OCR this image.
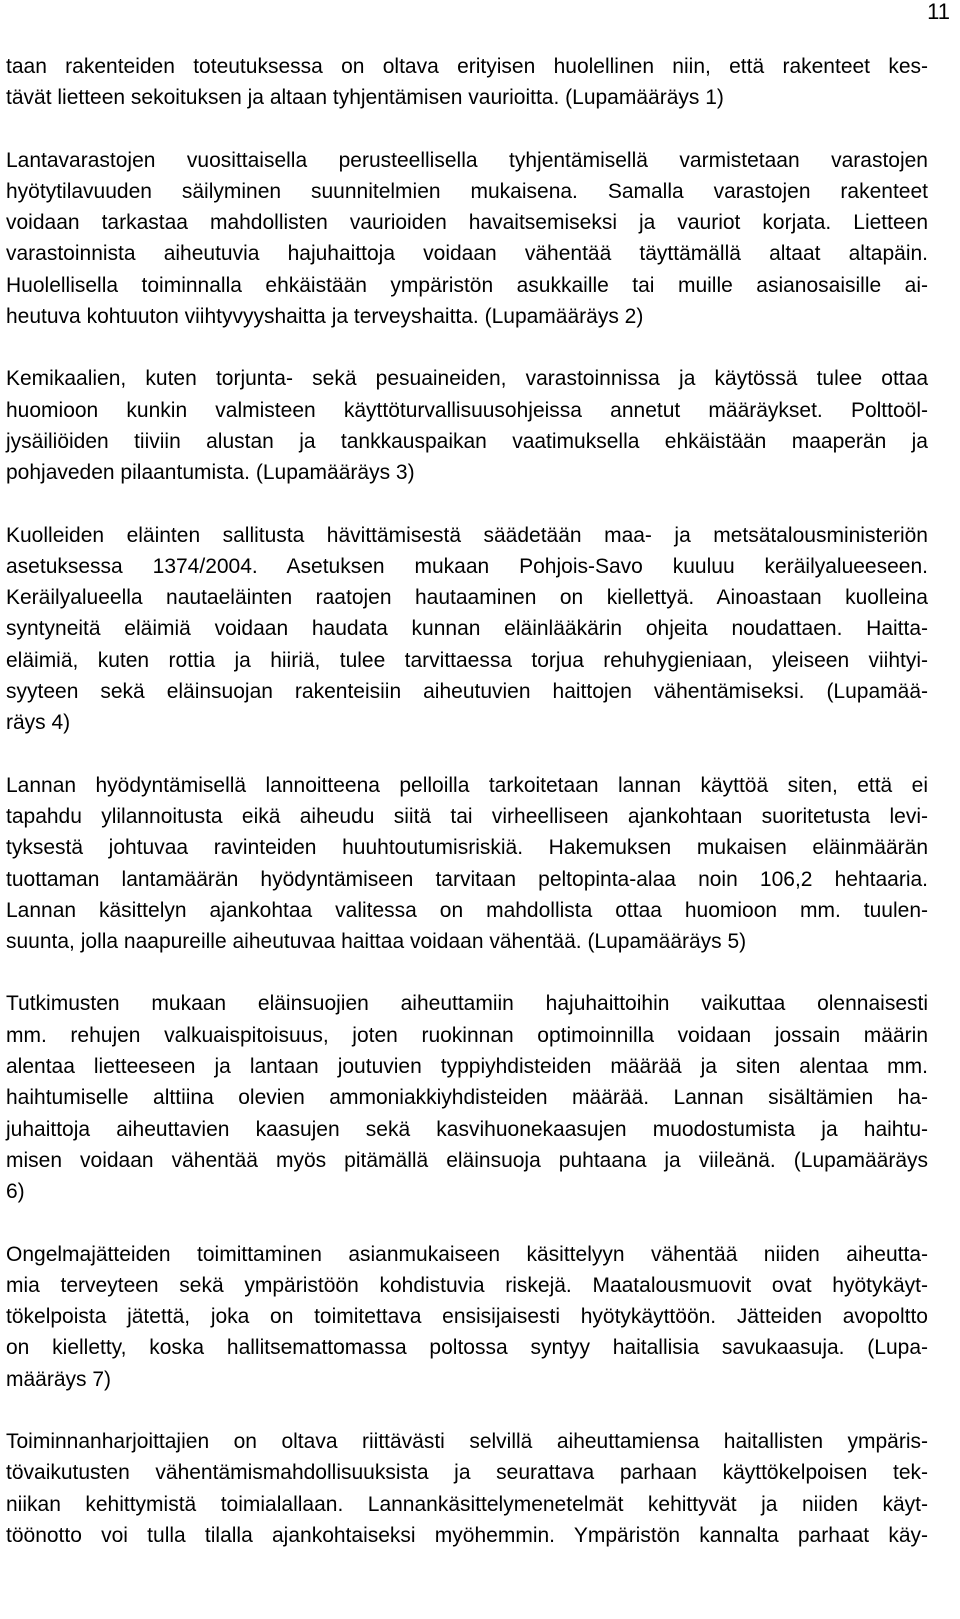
11

taan rakenteiden toteutuksessa on oltava erityisen huolellinen niin, että rakenteet kes-
tävät lietteen sekoituksen ja altaan tyhjentämisen vaurioitta. (Lupamääräys 1)

Lantavarastojen vuosittaisella perusteellisella tyhjentämisellä varmistetaan varastojen
hyötytilavuuden säilyminen suunnitelmien mukaisena. Samalla varastojen rakenteet
voidaan tarkastaa mahdollisten vaurioiden havaitsemiseksi ja vauriot korjata. Lietteen
varastoinnista aiheutuvia hajuhaittoja voidaan vähentää täyttämällä altaat altapäin.
Huolellisella toiminnalla ehkäistään ympäristön asukkaille tai muille asianosaisille ai-
heutuva kohtuuton viihtyvyyshaitta ja terveyshaitta. (Lupamääräys 2)

Kemikaalien, kuten torjunta- sekä pesuaineiden, varastoinnissa ja käytössä tulee ottaa
huomioon kunkin valmisteen käyttöturvallisuusohjeissa annetut määräykset. Polttoöl-
jysäiliöiden tiiviin alustan ja tankkauspaikan vaatimuksella ehkäistään maaperän ja
pohjaveden pilaantumista. (Lupamääräys 3)

Kuolleiden eläinten sallitusta hävittämisestä säädetään maa- ja metsätalousministeriön
asetuksessa 1374/2004. Asetuksen mukaan Pohjois-Savo kuuluu keräilyalueeseen.
Keräilyalueella nautaeläinten raatojen hautaaminen on kiellettyä. Ainoastaan kuolleina
syntyneitä eläimiä voidaan haudata kunnan eläinlääkärin ohjeita noudattaen. Haitta-
eläimiä, kuten rottia ja hiiriä, tulee tarvittaessa torjua rehuhygieniaan, yleiseen viihtyi-
syyteen sekä eläinsuojan rakenteisiin aiheutuvien haittojen vähentämiseksi. (Lupamää-
räys 4)

Lannan hyödyntämisellä lannoitteena pelloilla tarkoitetaan lannan käyttöä siten, että ei
tapahdu ylilannoitusta eikä aiheudu siitä tai virheelliseen ajankohtaan suoritetusta levi-
tyksestä johtuvaa ravinteiden huuhtoutumisriskiä. Hakemuksen mukaisen eläinmäärän
tuottaman lantamäärän hyödyntämiseen tarvitaan peltopinta-alaa noin 106,2 hehtaaria.
Lannan käsittelyn ajankohtaa valitessa on mahdollista ottaa huomioon mm. tuulen-
suunta, jolla naapureille aiheutuvaa haittaa voidaan vähentää. (Lupamääräys 5)

Tutkimusten mukaan eläinsuojien aiheuttamiin hajuhaittoihin vaikuttaa olennaisesti
mm. rehujen valkuaispitoisuus, joten ruokinnan optimoinnilla voidaan jossain määrin
alentaa lietteeseen ja lantaan joutuvien typpiyhdisteiden määrää ja siten alentaa mm.
haihtumiselle alttiina olevien ammoniakkiyhdisteiden määrää. Lannan sisältämien ha-
juhaittoja aiheuttavien kaasujen sekä kasvihuonekaasujen muodostumista ja haihtu-
misen voidaan vähentää myös pitämällä eläinsuoja puhtaana ja viileänä. (Lupamääräys
6)

Ongelmajätteiden toimittaminen asianmukaiseen käsittelyyn vähentää niiden aiheutta-
mia terveyteen sekä ympäristöön kohdistuvia riskejä. Maatalousmuovit ovat hyötykäyt-
tökelpoista jätettä, joka on toimitettava ensisijaisesti hyötykäyttöön. Jätteiden avopoltto
on kielletty, koska hallitsemattomassa poltossa syntyy haitallisia savukaasuja. (Lupa-
määräys 7)

Toiminnanharjoittajien on oltava riittävästi selvillä aiheuttamiensa haitallisten ympäris-
tövaikutusten vähentämismahdollisuuksista ja seurattava parhaan käyttökelpoisen tek-
niikan kehittymistä toimialallaan. Lannankäsittelymenetelmät kehittyvät ja niiden käyt-
töönotto voi tulla tilalla ajankohtaiseksi myöhemmin. Ympäristön kannalta parhaat käy-
